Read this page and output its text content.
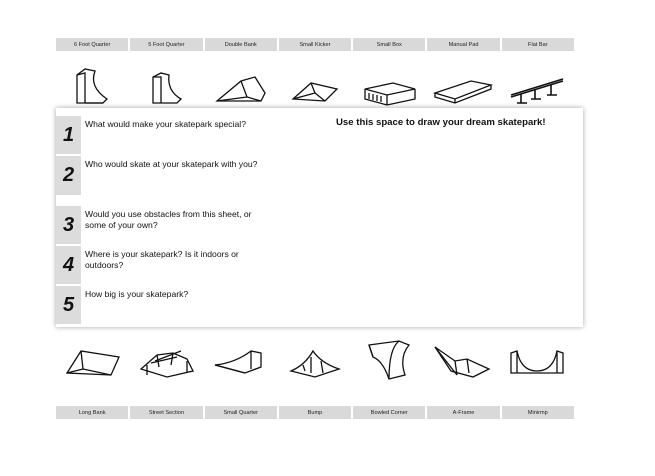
6 Foot Quarter	5 Foot Quarter	Double Bank	Small Kicker	Small Box	Manual Pad	Flat Bar
1	What would make your skatepark special?
2	Who would skate at your skatepark with you?
3	Would you use obstacles from this sheet, or some of your own?
4	Where is your skatepark? Is it indoors or outdoors?
5	How big is your skatepark?
Use this space to draw your dream skatepark!
Long Bank	Street Section	Small Quarter	Bump	Bowled Corner	A-Frame	Minirmp
